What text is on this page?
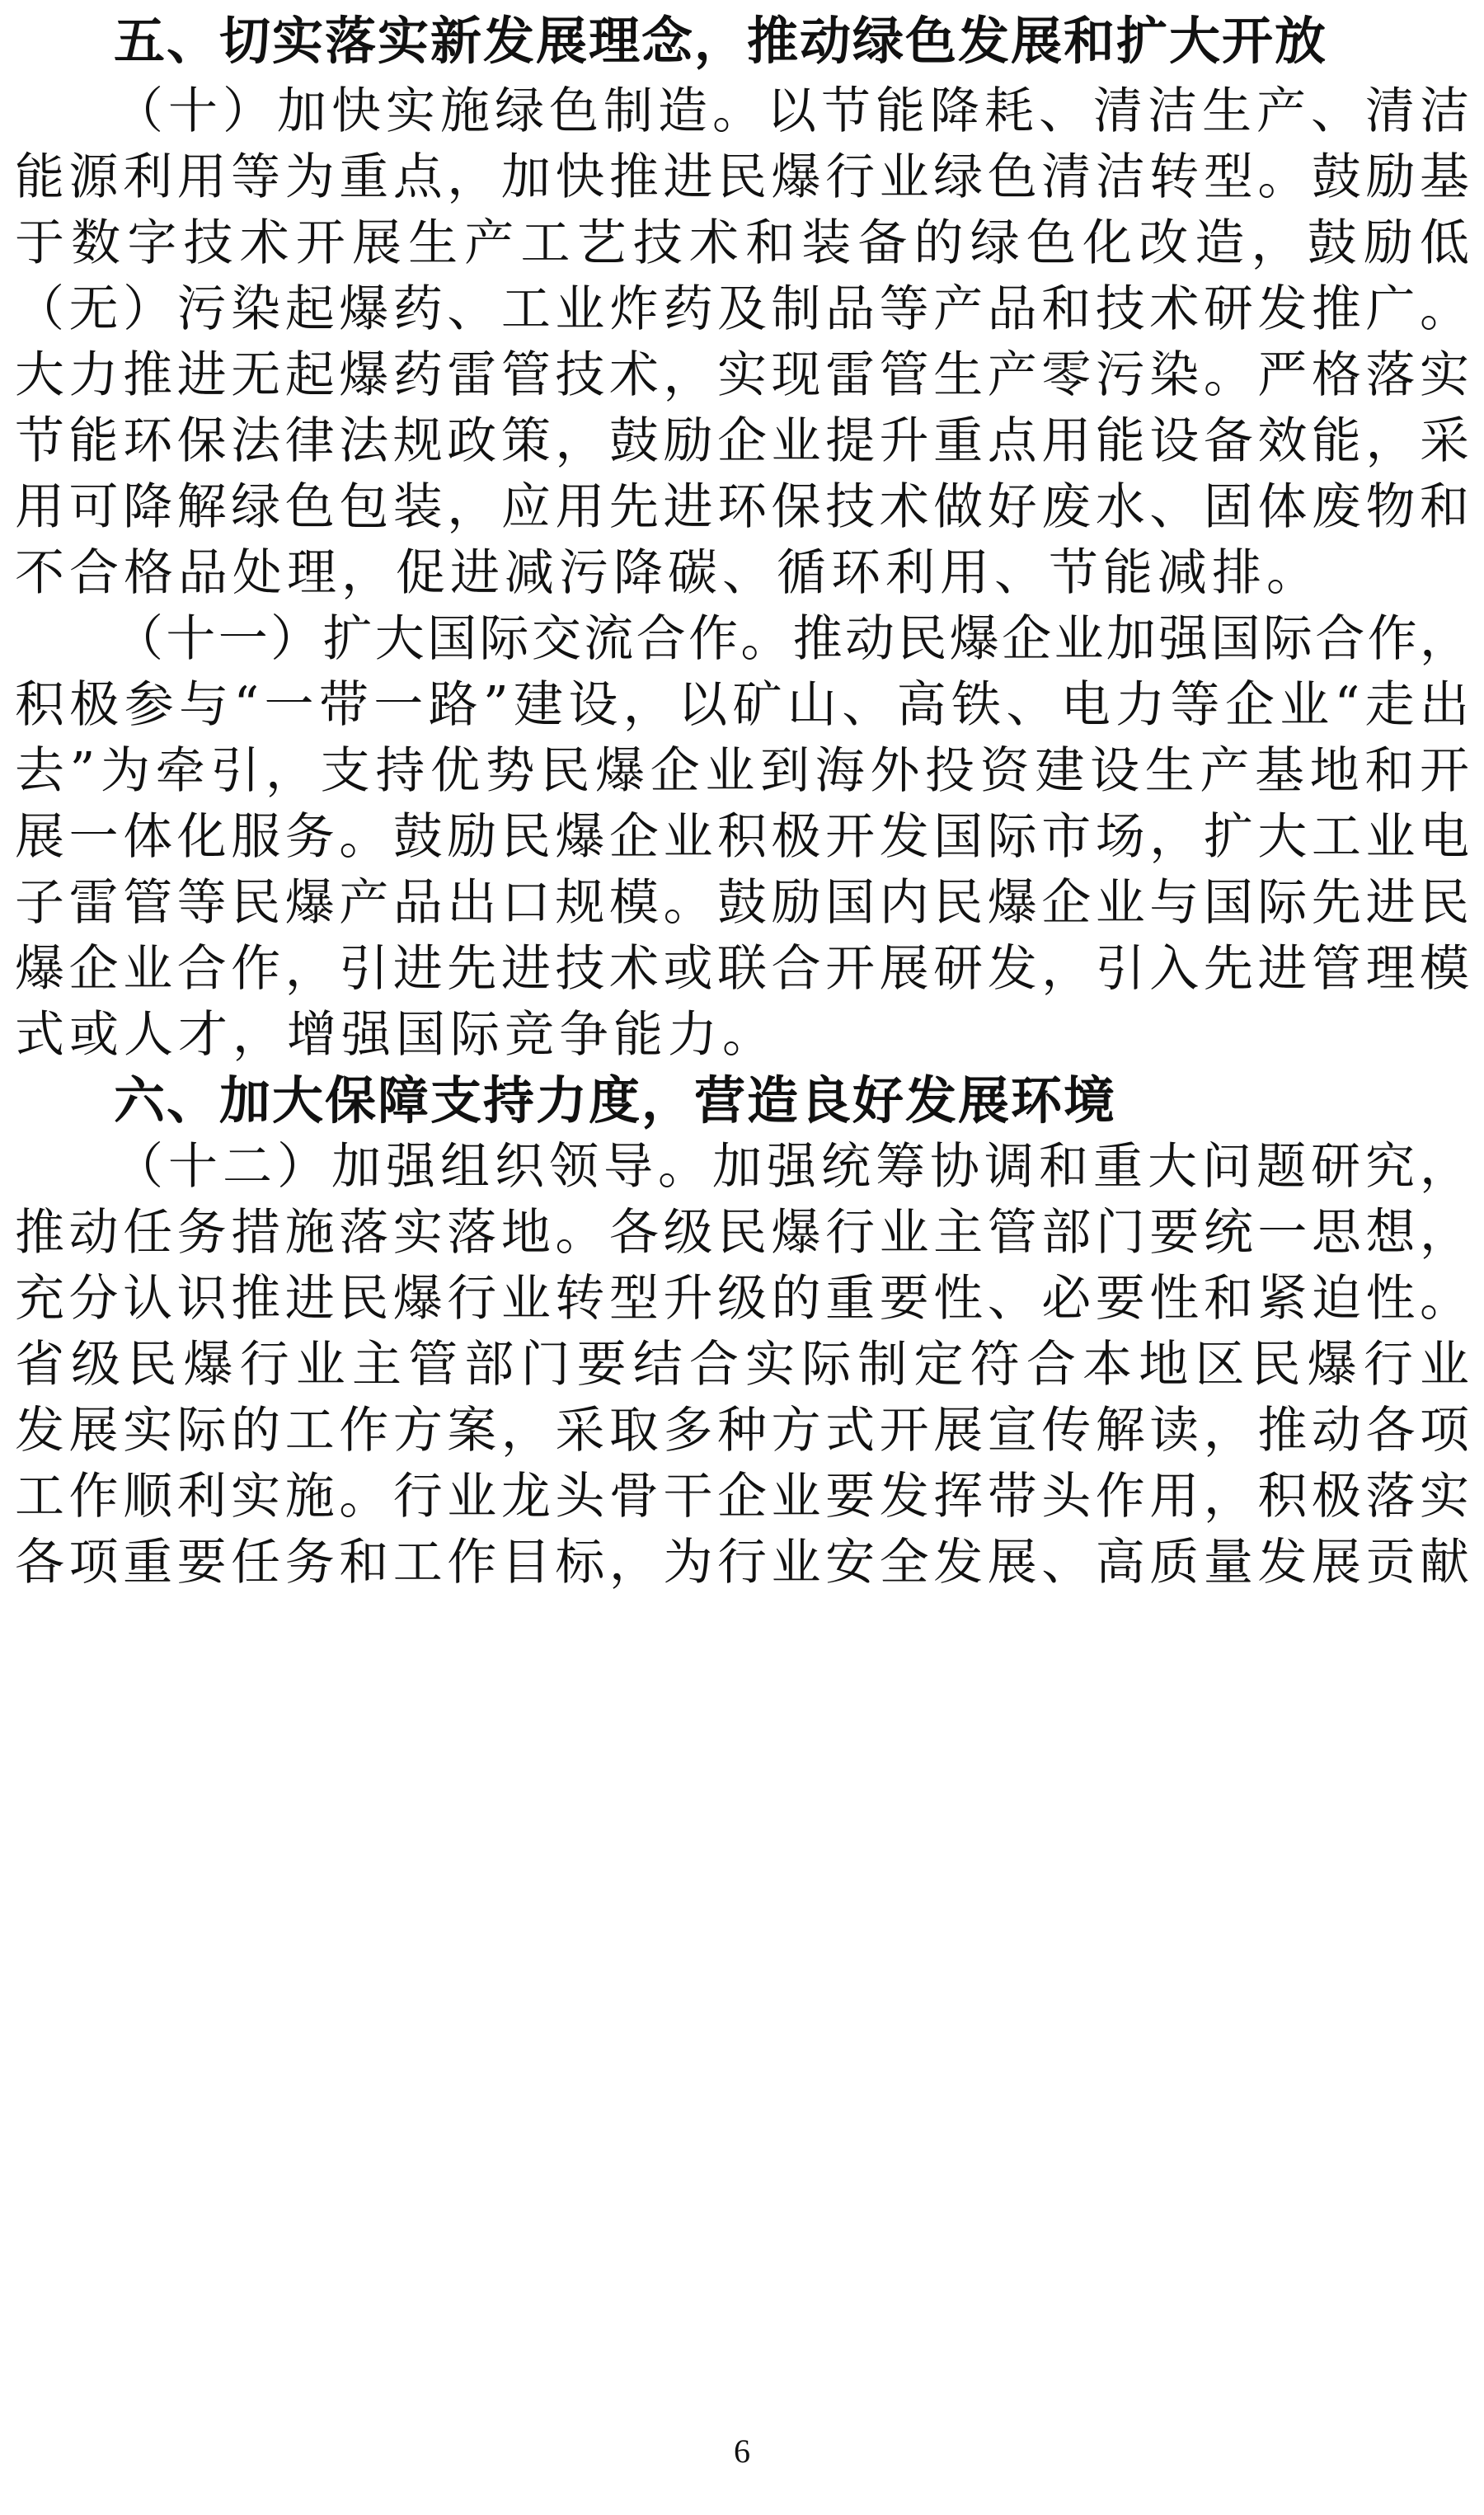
五、切实落实新发展理念，推动绿色发展和扩大开放
（十）加快实施绿色制造。以节能降耗、清洁生产、清洁
能源利用等为重点，加快推进民爆行业绿色清洁转型。鼓励基
于数字技术开展生产工艺技术和装备的绿色化改造，鼓励低
（无）污染起爆药、工业炸药及制品等产品和技术研发推广。
大力推进无起爆药雷管技术，实现雷管生产零污染。严格落实
节能环保法律法规政策，鼓励企业提升重点用能设备效能，采
用可降解绿色包装，应用先进环保技术做好废水、固体废物和
不合格品处理，促进减污降碳、循环利用、节能减排。
（十一）扩大国际交流合作。推动民爆企业加强国际合作，
积极参与“一带一路”建设，以矿山、高铁、电力等企业“走出
去”为牵引，支持优势民爆企业到海外投资建设生产基地和开
展一体化服务。鼓励民爆企业积极开发国际市场，扩大工业电
子雷管等民爆产品出口规模。鼓励国内民爆企业与国际先进民
爆企业合作，引进先进技术或联合开展研发，引入先进管理模
式或人才，增强国际竞争能力。
六、加大保障支持力度，营造良好发展环境
（十二）加强组织领导。加强统筹协调和重大问题研究，
推动任务措施落实落地。各级民爆行业主管部门要统一思想，
充分认识推进民爆行业转型升级的重要性、必要性和紧迫性。
省级民爆行业主管部门要结合实际制定符合本地区民爆行业
发展实际的工作方案，采取多种方式开展宣传解读，推动各项
工作顺利实施。行业龙头骨干企业要发挥带头作用，积极落实
各项重要任务和工作目标，为行业安全发展、高质量发展贡献
6
